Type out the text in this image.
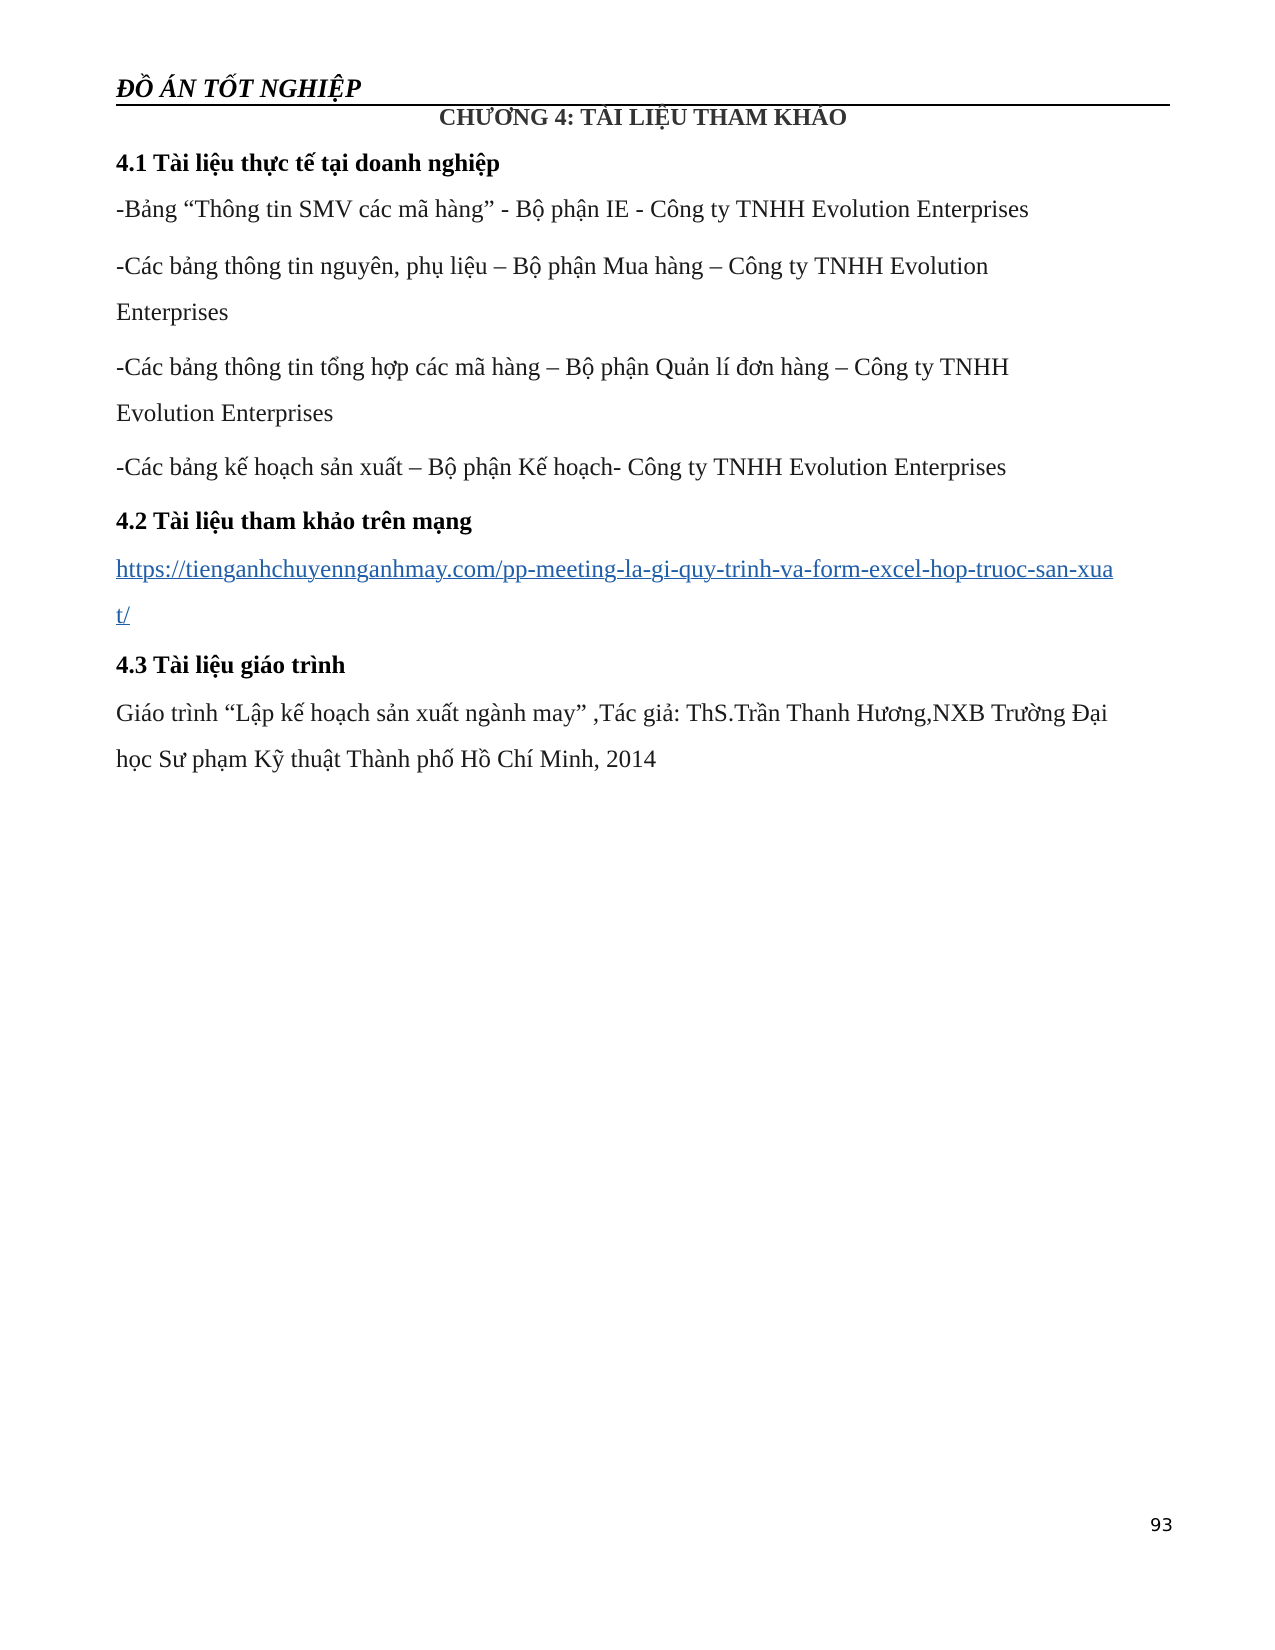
ĐỒ ÁN TỐT NGHIỆP
CHƯƠNG 4: TÀI LIỆU THAM KHẢO
4.1 Tài liệu thực tế tại doanh nghiệp
-Bảng “Thông tin SMV các mã hàng” - Bộ phận IE - Công ty TNHH Evolution Enterprises
-Các bảng thông tin nguyên, phụ liệu – Bộ phận Mua hàng – Công ty TNHH Evolution Enterprises
-Các bảng thông tin tổng hợp các mã hàng – Bộ phận Quản lí đơn hàng – Công ty TNHH Evolution Enterprises
-Các bảng kế hoạch sản xuất – Bộ phận Kế hoạch- Công ty TNHH Evolution Enterprises
4.2 Tài liệu tham khảo trên mạng
https://tienganhchuyennganhmay.com/pp-meeting-la-gi-quy-trinh-va-form-excel-hop-truoc-san-xuat/
4.3 Tài liệu giáo trình
Giáo trình “Lập kế hoạch sản xuất ngành may” ,Tác giả: ThS.Trần Thanh Hương,NXB Trường Đại học Sư phạm Kỹ thuật Thành phố Hồ Chí Minh, 2014
93
